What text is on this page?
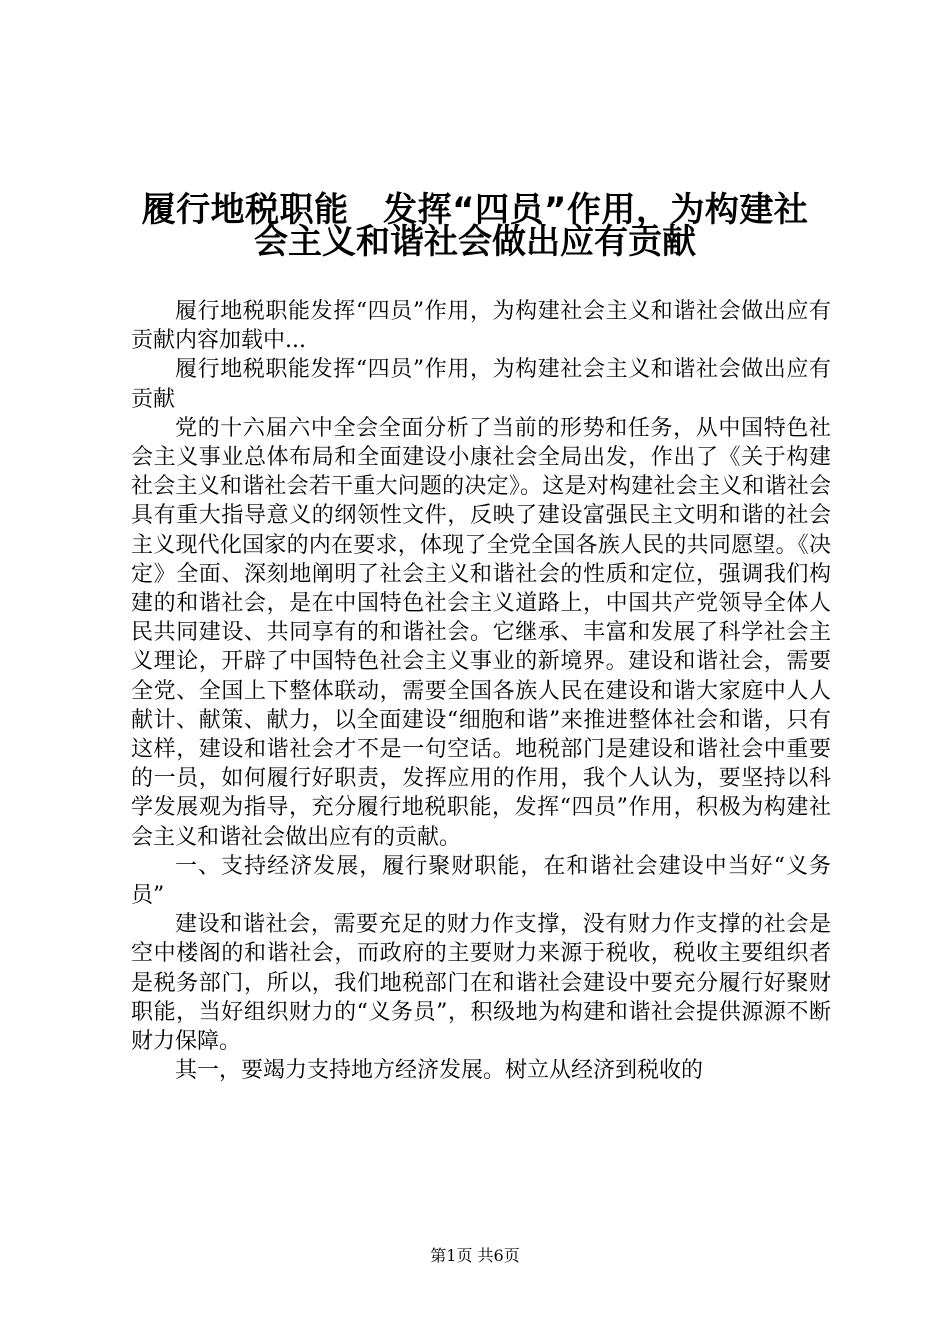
履行地税职能　发挥“四员”作用，为构建社
会主义和谐社会做出应有贡献

履行地税职能发挥“四员”作用，为构建社会主义和谐社会做出应有贡献内容加载中...

履行地税职能发挥“四员”作用，为构建社会主义和谐社会做出应有贡献

党的十六届六中全会全面分析了当前的形势和任务，从中国特色社会主义事业总体布局和全面建设小康社会全局出发，作出了《关于构建社会主义和谐社会若干重大问题的决定》。这是对构建社会主义和谐社会具有重大指导意义的纲领性文件，反映了建设富强民主文明和谐的社会主义现代化国家的内在要求，体现了全党全国各族人民的共同愿望。《决定》全面、深刻地阐明了社会主义和谐社会的性质和定位，强调我们构建的和谐社会，是在中国特色社会主义道路上，中国共产党领导全体人民共同建设、共同享有的和谐社会。它继承、丰富和发展了科学社会主义理论，开辟了中国特色社会主义事业的新境界。建设和谐社会，需要全党、全国上下整体联动，需要全国各族人民在建设和谐大家庭中人人献计、献策、献力，以全面建设“细胞和谐”来推进整体社会和谐，只有这样，建设和谐社会才不是一句空话。地税部门是建设和谐社会中重要的一员，如何履行好职责，发挥应用的作用，我个人认为，要坚持以科学发展观为指导，充分履行地税职能，发挥“四员”作用，积极为构建社会主义和谐社会做出应有的贡献。

一、支持经济发展，履行聚财职能，在和谐社会建设中当好“义务员”

建设和谐社会，需要充足的财力作支撑，没有财力作支撑的社会是空中楼阁的和谐社会，而政府的主要财力来源于税收，税收主要组织者是税务部门，所以，我们地税部门在和谐社会建设中要充分履行好聚财职能，当好组织财力的“义务员”，积级地为构建和谐社会提供源源不断财力保障。

其一，要竭力支持地方经济发展。树立从经济到税收的

第1页 共6页
